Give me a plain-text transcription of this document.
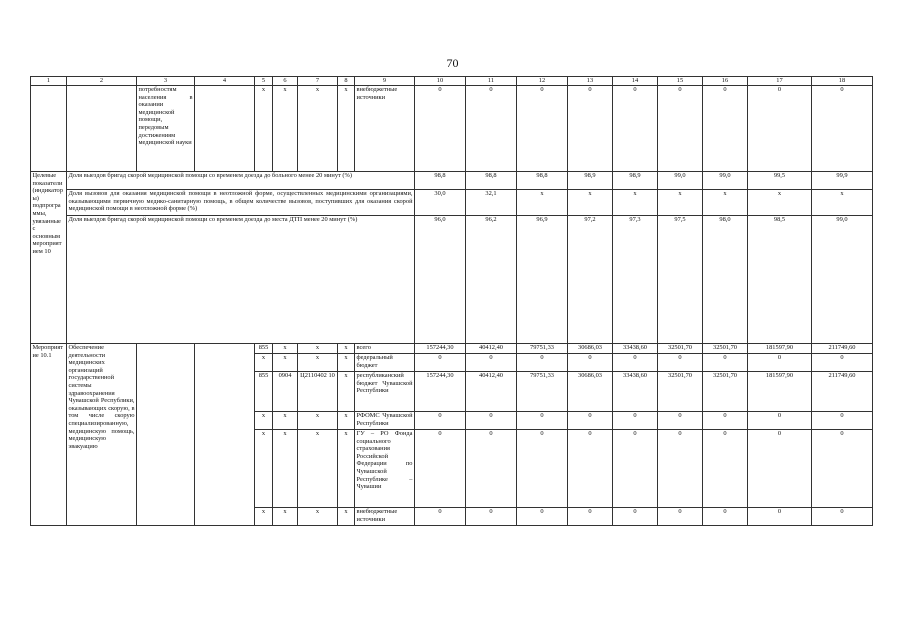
70
1	2	3	4	5	6	7	8	9	10	11	12	13	14	15	16	17	18
		потребностям населения в оказании медицинской помощи, передовым достижениям медицинской науки		x	x	x	x	внебюджетные источники	0	0	0	0	0	0	0	0	0
Целевые показатели (индикаторы) подпрограммы, увязанные с основным мероприятием 10	Доля выездов бригад скорой медицинской помощи со временем доезда до больного менее 20 минут (%)								98,8	98,8	98,8	98,9	98,9	99,0	99,0	99,5	99,9
	Доля вызовов для оказания медицинской помощи в неотложной форме, осуществленных медицинскими организациями, оказывающими первичную медико-санитарную помощь, в общем количестве вызовов, поступивших для оказания скорой медицинской помощи в неотложной форме (%)								30,0	32,1	x	x	x	x	x	x	x
	Доля выездов бригад скорой медицинской помощи со временем доезда до места ДТП менее 20 минут (%)								96,0	96,2	96,9	97,2	97,3	97,5	98,0	98,5	99,0
Мероприятие 10.1	Обеспечение деятельности медицинских организаций государственной системы здравоохранения Чувашской Республики, оказывающих скорую, в том числе скорую специализированную, медицинскую помощь, медицинскую эвакуацию			855	x	x	x	всего	157244,30	40412,40	79751,33	30686,03	33438,60	32501,70	32501,70	181597,90	211749,60
				x	x	x	x	федеральный бюджет	0	0	0	0	0	0	0	0	0
				855	0904	Ц2110402 10	x	республиканский бюджет Чувашской Республики	157244,30	40412,40	79751,33	30686,03	33438,60	32501,70	32501,70	181597,90	211749,60
				x	x	x	x	РФОМС Чувашской Республики	0	0	0	0	0	0	0	0	0
				x	x	x	x	ГУ – РО Фонда социального страхования Российской Федерации по Чувашской Республике – Чувашии	0	0	0	0	0	0	0	0	0
				x	x	x	x	внебюджетные источники	0	0	0	0	0	0	0	0	0
